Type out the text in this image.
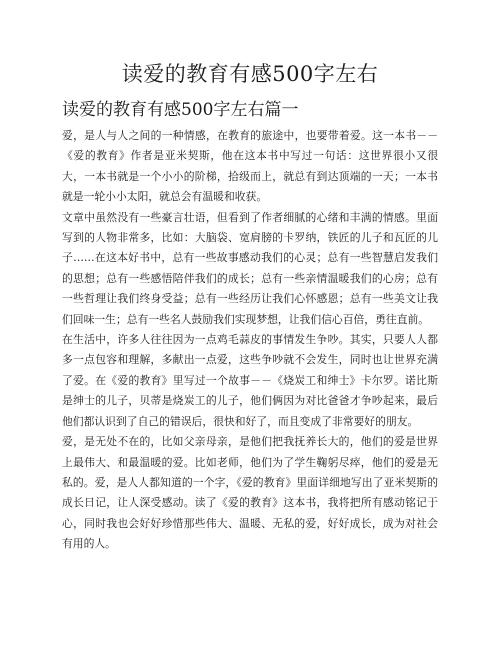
读爱的教育有感500字左右
读爱的教育有感500字左右篇一

爱，是人与人之间的一种情感，在教育的旅途中，也要带着爱。这一本书－－《爱的教育》作者是亚米契斯，他在这本书中写过一句话：这世界很小又很大，一本书就是一个小小的阶梯，拾级而上，就总有到达顶端的一天；一本书就是一轮小小太阳，就总会有温暖和收获。

文章中虽然没有一些豪言壮语，但看到了作者细腻的心绪和丰满的情感。里面写到的人物非常多，比如：大脑袋、宽肩膀的卡罗纳，铁匠的儿子和瓦匠的儿子……在这本好书中，总有一些故事感动我们的心灵；总有一些智慧启发我们的思想；总有一些感悟陪伴我们的成长；总有一些亲情温暖我们的心房；总有一些哲理让我们终身受益；总有一些经历让我们心怀感恩；总有一些美文让我们回味一生；总有一些名人鼓励我们实现梦想，让我们信心百倍，勇往直前。

在生活中，许多人往往因为一点鸡毛蒜皮的事情发生争吵。其实，只要人人都多一点包容和理解，多献出一点爱，这些争吵就不会发生，同时也让世界充满了爱。在《爱的教育》里写过一个故事－－《烧炭工和绅士》卡尔罗。诺比斯是绅士的儿子，贝蒂是烧炭工的儿子，他们俩因为对比爸爸才争吵起来，最后他们都认识到了自己的错误后，很快和好了，而且变成了非常要好的朋友。

爱，是无处不在的，比如父亲母亲，是他们把我抚养长大的，他们的爱是世界上最伟大、和最温暖的爱。比如老师，他们为了学生鞠躬尽瘁，他们的爱是无私的。爱，是人人都知道的一个字，《爱的教育》里面详细地写出了亚米契斯的成长日记，让人深受感动。读了《爱的教育》这本书，我将把所有感动铭记于心，同时我也会好好珍惜那些伟大、温暖、无私的爱，好好成长，成为对社会有用的人。
